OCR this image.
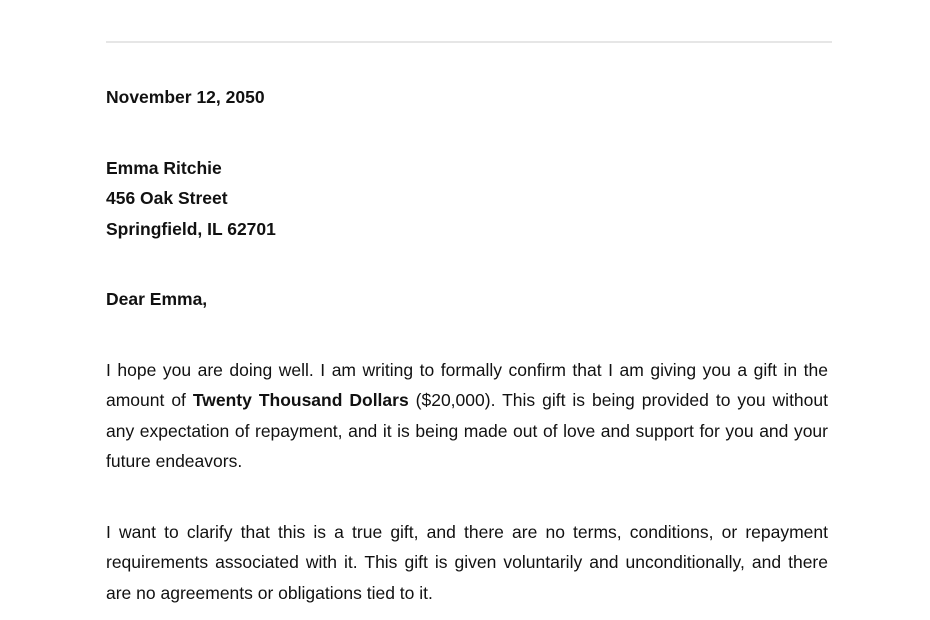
November 12, 2050
Emma Ritchie
456 Oak Street
Springfield, IL 62701
Dear Emma,

I hope you are doing well. I am writing to formally confirm that I am giving you a gift in the amount of Twenty Thousand Dollars ($20,000). This gift is being provided to you without any expectation of repayment, and it is being made out of love and support for you and your future endeavors.

I want to clarify that this is a true gift, and there are no terms, conditions, or repayment requirements associated with it. This gift is given voluntarily and unconditionally, and there are no agreements or obligations tied to it.
